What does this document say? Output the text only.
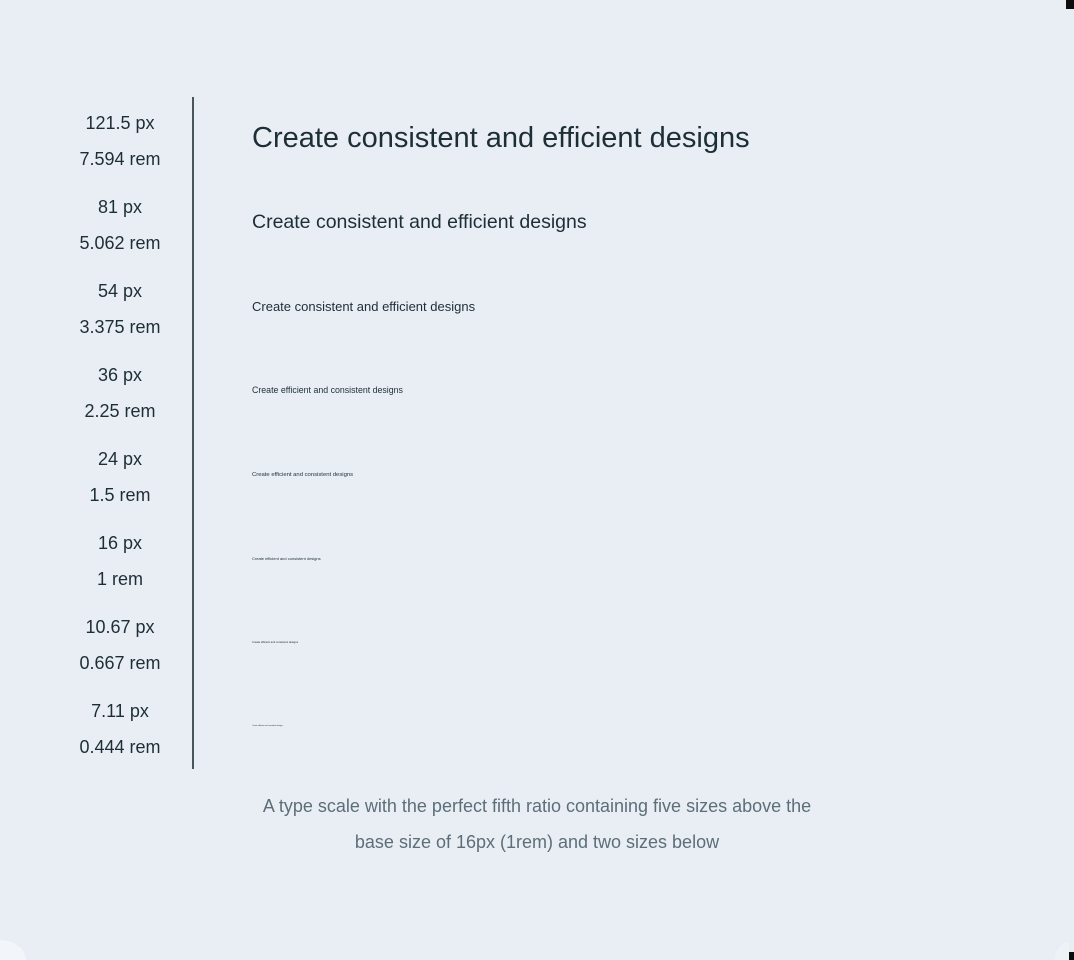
121.5 px
7.594 rem
Create consistent and efficient designs
81 px
5.062 rem
Create consistent and efficient designs
54 px
3.375 rem
Create consistent and efficient designs
36 px
2.25 rem
Create efficient and consistent designs
24 px
1.5 rem
Create efficient and consistent designs
16 px
1 rem
Create efficient and consistent designs
10.67 px
0.667 rem
Create efficient and consistent designs
7.11 px
0.444 rem
Create efficient and consistent designs
A type scale with the perfect fifth ratio containing five sizes above the
base size of 16px (1rem) and two sizes below
